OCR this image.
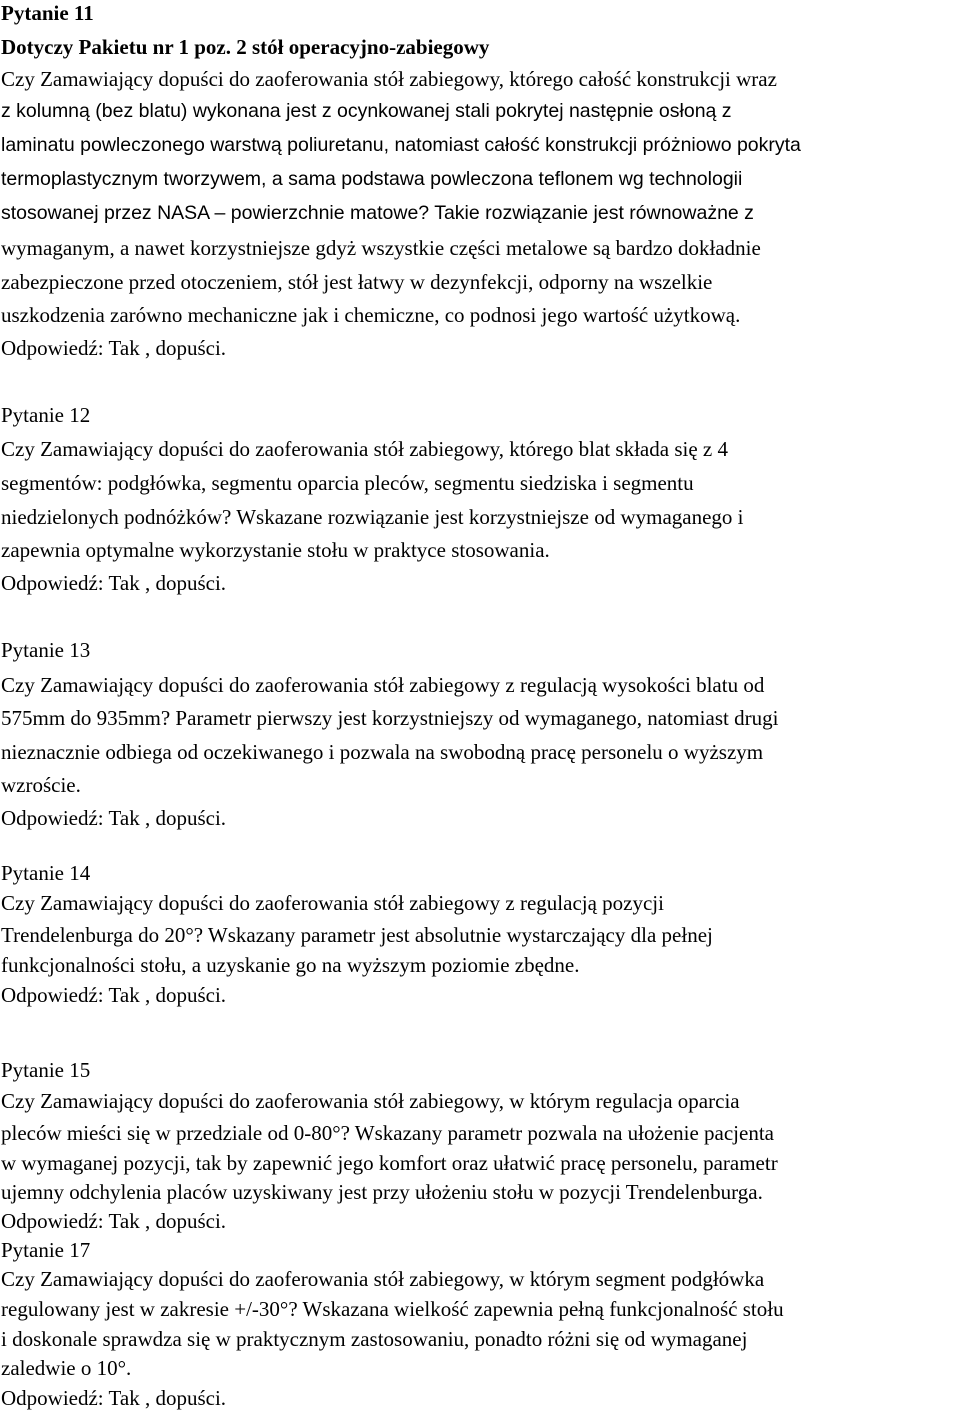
Pytanie 11
Dotyczy Pakietu nr 1 poz. 2 stół operacyjno-zabiegowy
Czy Zamawiający dopuści do zaoferowania stół zabiegowy, którego całość konstrukcji wraz
z kolumną (bez blatu) wykonana jest z ocynkowanej stali pokrytej następnie osłoną z
laminatu powleczonego warstwą poliuretanu, natomiast całość konstrukcji próżniowo pokryta
termoplastycznym tworzywem, a sama podstawa powleczona teflonem wg technologii
stosowanej przez NASA – powierzchnie matowe? Takie rozwiązanie jest równoważne z
wymaganym, a nawet korzystniejsze gdyż wszystkie części metalowe są bardzo dokładnie
zabezpieczone przed otoczeniem, stół jest łatwy w dezynfekcji, odporny na wszelkie
uszkodzenia zarówno mechaniczne jak i chemiczne, co podnosi jego wartość użytkową.
Odpowiedź: Tak , dopuści.
Pytanie 12
Czy Zamawiający dopuści do zaoferowania stół zabiegowy, którego blat składa się z 4
segmentów: podgłówka, segmentu oparcia pleców, segmentu siedziska i segmentu
niedzielonych podnóżków? Wskazane rozwiązanie jest korzystniejsze od wymaganego i
zapewnia optymalne wykorzystanie stołu w praktyce stosowania.
Odpowiedź: Tak , dopuści.
Pytanie 13
Czy Zamawiający dopuści do zaoferowania stół zabiegowy z regulacją wysokości blatu od
575mm do 935mm? Parametr pierwszy jest korzystniejszy od wymaganego, natomiast drugi
nieznacznie odbiega od oczekiwanego i pozwala na swobodną pracę personelu o wyższym
wzroście.
Odpowiedź: Tak , dopuści.
Pytanie 14
Czy Zamawiający dopuści do zaoferowania stół zabiegowy z regulacją pozycji
Trendelenburga do 20°? Wskazany parametr jest absolutnie wystarczający dla pełnej
funkcjonalności stołu, a uzyskanie go na wyższym poziomie zbędne.
Odpowiedź: Tak , dopuści.
Pytanie 15
Czy Zamawiający dopuści do zaoferowania stół zabiegowy, w którym regulacja oparcia
pleców mieści się w przedziale od 0-80°? Wskazany parametr pozwala na ułożenie pacjenta
w wymaganej pozycji, tak by zapewnić jego komfort oraz ułatwić pracę personelu, parametr
ujemny odchylenia placów uzyskiwany jest przy ułożeniu stołu w pozycji Trendelenburga.
Odpowiedź: Tak , dopuści.
Pytanie 17
Czy Zamawiający dopuści do zaoferowania stół zabiegowy, w którym segment podgłówka
regulowany jest w zakresie +/-30°? Wskazana wielkość zapewnia pełną funkcjonalność stołu
i doskonale sprawdza się w praktycznym zastosowaniu, ponadto różni się od wymaganej
zaledwie o 10°.
Odpowiedź: Tak , dopuści.
